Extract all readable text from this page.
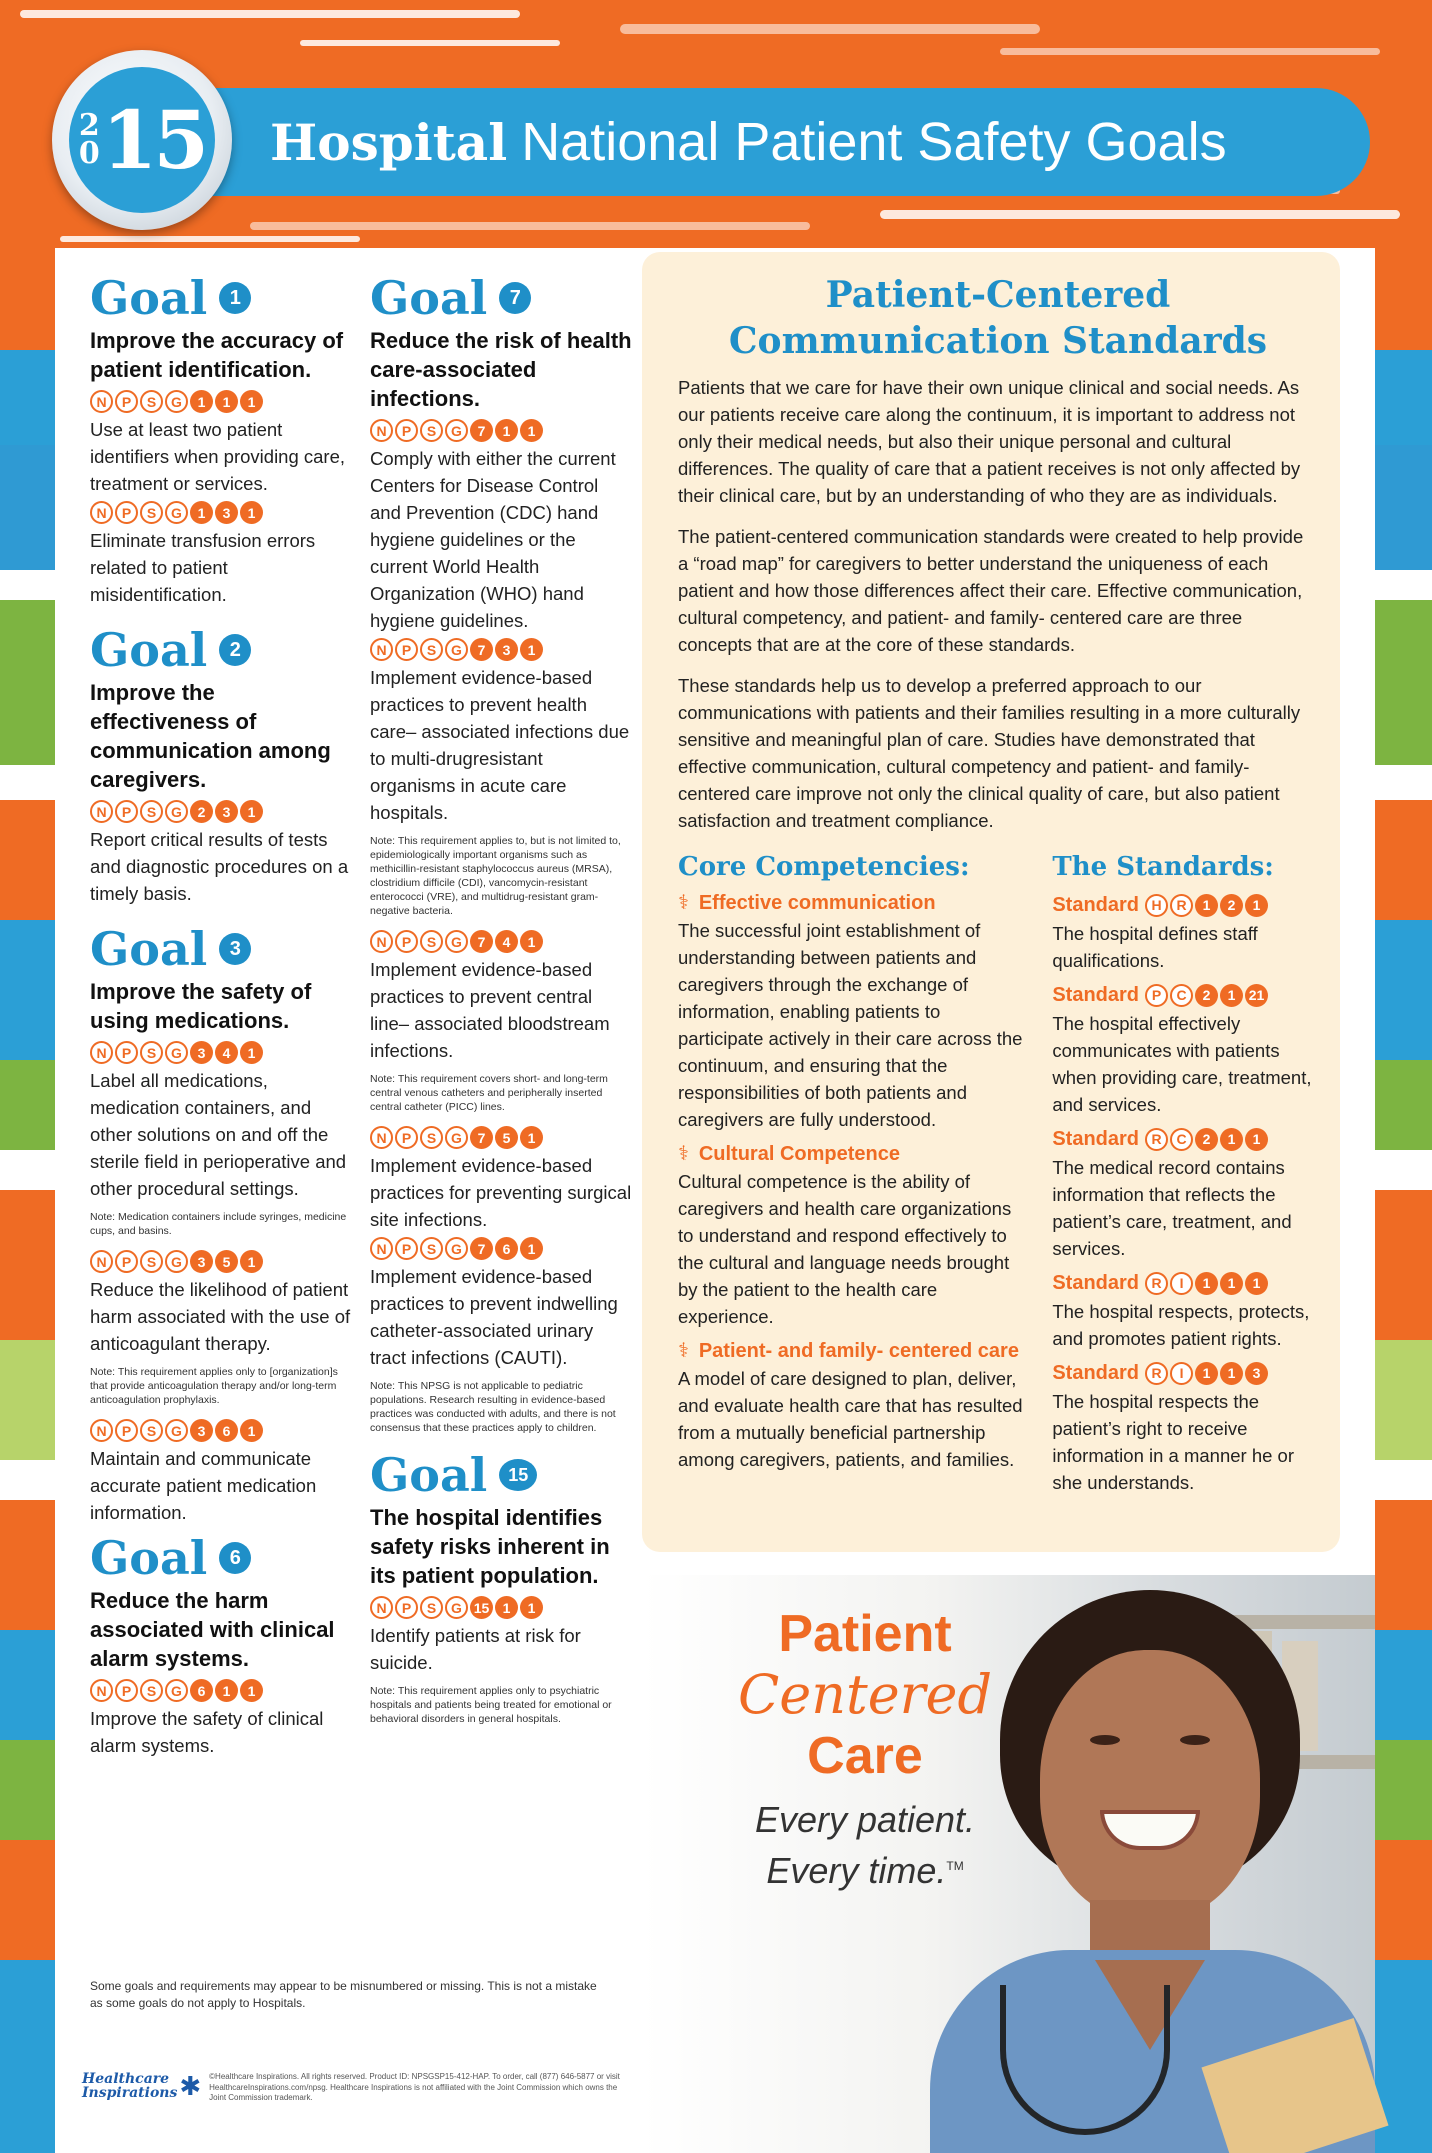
2
0 15 Hospital National Patient Safety Goals
Goal	1
Improve the accuracy of patient identification.
N	P	S	G	1	1	1
Use at least two patient identifiers when providing care, treatment or services.
N	P	S	G	1	3	1
Eliminate transfusion errors related to patient misidentification.
Goal	2
Improve the effectiveness of communication among caregivers.
N	P	S	G	2	3	1
Report critical results of tests and diagnostic procedures on a timely basis.
Goal	3
Improve the safety of using medications.
N	P	S	G	3	4	1
Label all medications, medication containers, and other solutions on and off the sterile field in perioperative and other procedural settings.
Note: Medication containers include syringes, medicine cups, and basins.
N	P	S	G	3	5	1
Reduce the likelihood of patient harm associated with the use of anticoagulant therapy.
Note: This requirement applies only to [organization]s that provide anticoagulation therapy and/or long-term anticoagulation prophylaxis.
N	P	S	G	3	6	1
Maintain and communicate accurate patient medication information.
Goal	6
Reduce the harm associated with clinical alarm systems.
N	P	S	G	6	1	1
Improve the safety of clinical alarm systems.
Goal	7
Reduce the risk of health care-associated infections.
N	P	S	G	7	1	1
Comply with either the current Centers for Disease Control and Prevention (CDC) hand hygiene guidelines or the current World Health Organization (WHO) hand hygiene guidelines.
N	P	S	G	7	3	1
Implement evidence-based practices to prevent health care– associated infections due to multi-drugresistant organisms in acute care hospitals.
Note: This requirement applies to, but is not limited to, epidemiologically important organisms such as methicillin-resistant staphylococcus aureus (MRSA), clostridium difficile (CDI), vancomycin-resistant enterococci (VRE), and multidrug-resistant gram-negative bacteria.
N	P	S	G	7	4	1
Implement evidence-based practices to prevent central line– associated bloodstream infections.
Note: This requirement covers short- and long-term central venous catheters and peripherally inserted central catheter (PICC) lines.
N	P	S	G	7	5	1
Implement evidence-based practices for preventing surgical site infections.
N	P	S	G	7	6	1
Implement evidence-based practices to prevent indwelling catheter-associated urinary tract infections (CAUTI).
Note: This NPSG is not applicable to pediatric populations. Research resulting in evidence-based practices was conducted with adults, and there is not consensus that these practices apply to children.
Goal	15
The hospital identifies safety risks inherent in its patient population.
N	P	S	G 15 1	1
Identify patients at risk for suicide.
Note: This requirement applies only to psychiatric hospitals and patients being treated for emotional or behavioral disorders in general hospitals.
Patient-Centered
Communication Standards

Patients that we care for have their own unique clinical and social needs. As our patients receive care along the continuum, it is important to address not only their medical needs, but also their unique personal and cultural differences. The quality of care that a patient receives is not only affected by their clinical care, but by an understanding of who they are as individuals.

The patient-centered communication standards were created to help provide a “road map” for caregivers to better understand the uniqueness of each patient and how those differences affect their care. Effective communication, cultural competency, and patient- and family- centered care are three concepts that are at the core of these standards.

These standards help us to develop a preferred approach to our communications with patients and their families resulting in a more culturally sensitive and meaningful plan of care. Studies have demonstrated that effective communication, cultural competency and patient- and family- centered care improve not only the clinical quality of care, but also patient satisfaction and treatment compliance.

Core Competencies:
⚕ Effective communication
The successful joint establishment of understanding between patients and caregivers through the exchange of information, enabling patients to participate actively in their care across the continuum, and ensuring that the responsibilities of both patients and caregivers are fully understood.
⚕ Cultural Competence
Cultural competence is the ability of caregivers and health care organizations to understand and respond effectively to the cultural and language needs brought by the patient to the health care experience.
⚕ Patient- and family- centered care
A model of care designed to plan, deliver, and evaluate health care that has resulted from a mutually beneficial partnership among caregivers, patients, and families.
The Standards:
Standard H	R	1	2	1
The hospital defines staff qualifications.
Standard P	C	2	1 21
The hospital effectively communicates with patients when providing care, treatment, and services.
Standard R	C	2	1	1
The medical record contains information that reflects the patient’s care, treatment, and services.
Standard R	I	1	1	1
The hospital respects, protects, and promotes patient rights.
Standard R	I	1	1	3
The hospital respects the patient’s right to receive information in a manner he or she understands.
Patient
Centered
Care
Every patient.
Every time.™
Some goals and requirements may appear to be misnumbered or missing. This is not a mistake as some goals do not apply to Hospitals.
Healthcare
Inspirations ✱ ©Healthcare Inspirations. All rights reserved. Product ID: NPSGSP15-412-HAP. To order, call (877) 646-5877 or visit HealthcareInspirations.com/npsg. Healthcare Inspirations is not affiliated with the Joint Commission which owns the Joint Commission trademark.
